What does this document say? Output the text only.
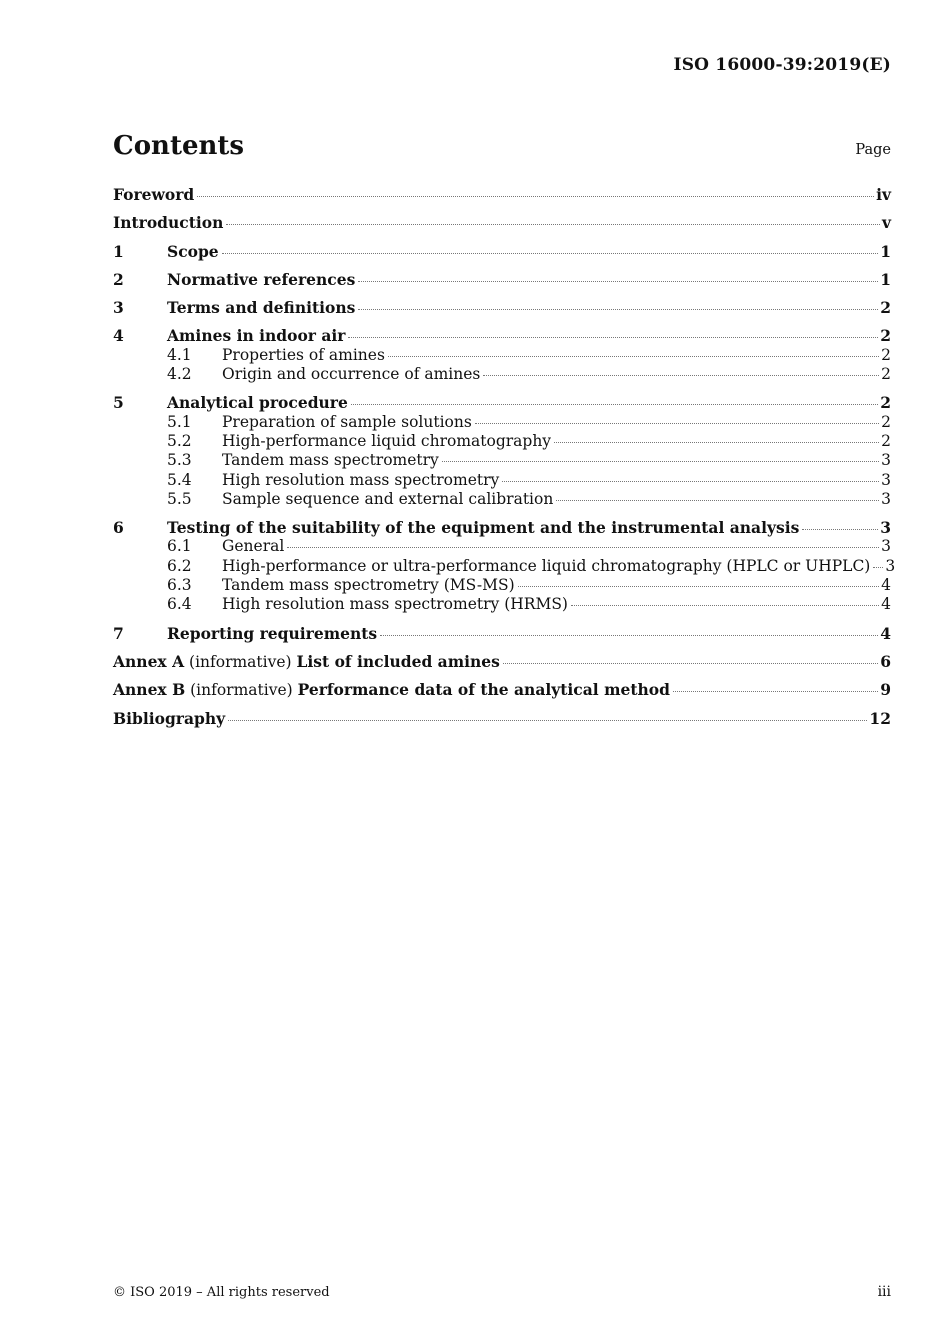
ISO 16000-39:2019(E)
Contents	Page
Foreword	iv
Introduction	v
1	Scope	1
2	Normative references	1
3	Terms and definitions	2
4	Amines in indoor air	2
4.1	Properties of amines	2
4.2	Origin and occurrence of amines	2
5	Analytical procedure	2
5.1	Preparation of sample solutions	2
5.2	High-performance liquid chromatography	2
5.3	Tandem mass spectrometry	3
5.4	High resolution mass spectrometry	3
5.5	Sample sequence and external calibration	3
6	Testing of the suitability of the equipment and the instrumental analysis	3
6.1	General	3
6.2	High-performance or ultra-performance liquid chromatography (HPLC or UHPLC) 3
6.3	Tandem mass spectrometry (MS-MS)	4
6.4	High resolution mass spectrometry (HRMS)	4
7	Reporting requirements	4
Annex A (informative) List of included amines	6
Annex B (informative) Performance data of the analytical method	9
Bibliography	12
© ISO 2019 – All rights reserved	iii
